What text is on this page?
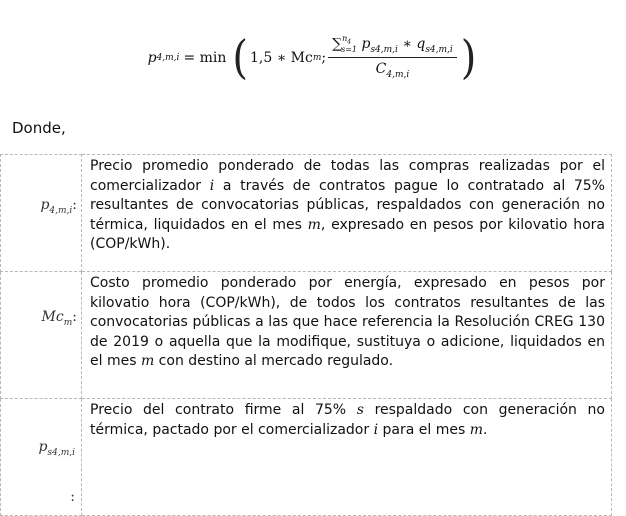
p 4,m,i = min ( 1,5 ∗ Mc m ; $\frac{\sum^{n_4}_{s=1} p_{s4,m,i} ∗ q_{s4,m,i}}{C_{4,m,i}}$ )
Donde,
$p_{4,m,i}$:	Precio promedio ponderado de todas las compras realizadas por el comercializador i a través de contratos pague lo contratado al 75% resultantes de convocatorias públicas, respaldados con generación no térmica, liquidados en el mes m, expresado en pesos por kilovatio hora (COP/kWh).

$Mc_m$:	Costo promedio ponderado por energía, expresado en pesos por kilovatio hora (COP/kWh), de todos los contratos resultantes de las convocatorias públicas a las que hace referencia la Resolución CREG 130 de 2019 o aquella que la modifique, sustituya o adicione, liquidados en el mes m con destino al mercado regulado.

$p_{s4,m,i}$
:	Precio del contrato firme al 75% s respaldado con generación no térmica, pactado por el comercializador i para el mes m.
